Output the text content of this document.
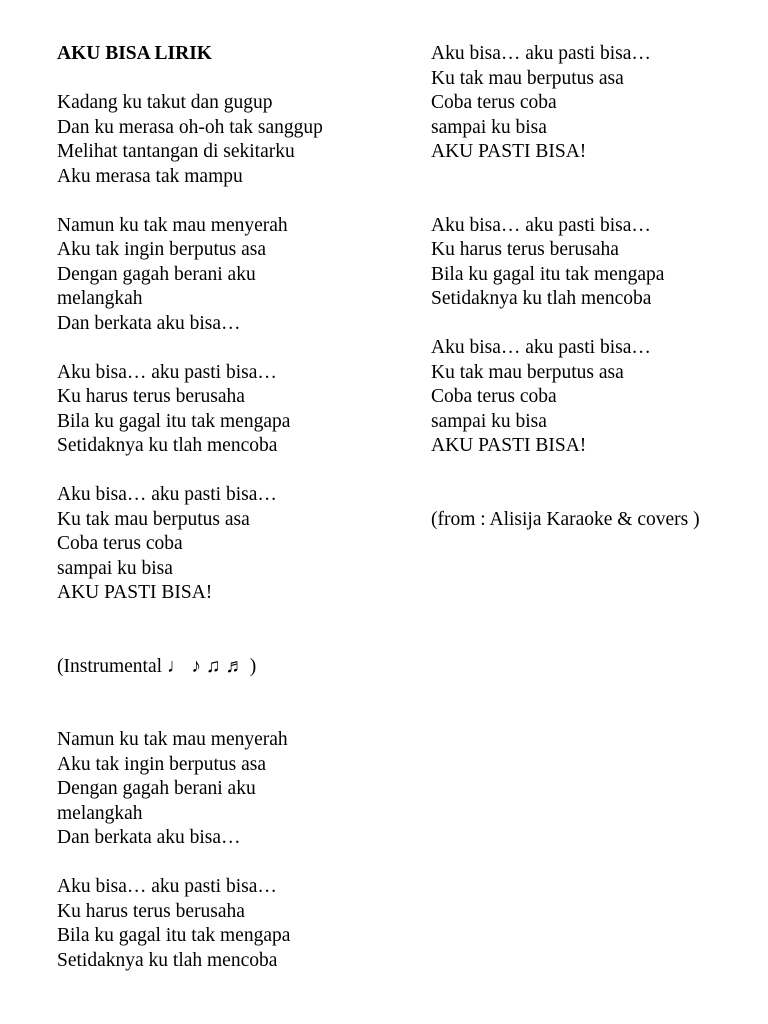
AKU BISA LIRIK
Kadang ku takut dan gugup
Dan ku merasa oh-oh tak sanggup
Melihat tantangan di sekitarku
Aku merasa tak mampu
Namun ku tak mau menyerah
Aku tak ingin berputus asa
Dengan gagah berani aku
melangkah
Dan berkata aku bisa…
Aku bisa… aku pasti bisa…
Ku harus terus berusaha
Bila ku gagal itu tak mengapa
Setidaknya ku tlah mencoba
Aku bisa… aku pasti bisa…
Ku tak mau berputus asa
Coba terus coba
sampai ku bisa
AKU PASTI BISA!
(Instrumental ♩ ♪ ♫ ♬ )
Namun ku tak mau menyerah
Aku tak ingin berputus asa
Dengan gagah berani aku
melangkah
Dan berkata aku bisa…
Aku bisa… aku pasti bisa…
Ku harus terus berusaha
Bila ku gagal itu tak mengapa
Setidaknya ku tlah mencoba
Aku bisa… aku pasti bisa…
Ku tak mau berputus asa
Coba terus coba
sampai ku bisa
AKU PASTI BISA!
Aku bisa… aku pasti bisa…
Ku harus terus berusaha
Bila ku gagal itu tak mengapa
Setidaknya ku tlah mencoba
Aku bisa… aku pasti bisa…
Ku tak mau berputus asa
Coba terus coba
sampai ku bisa
AKU PASTI BISA!
(from : Alisija Karaoke & covers )
